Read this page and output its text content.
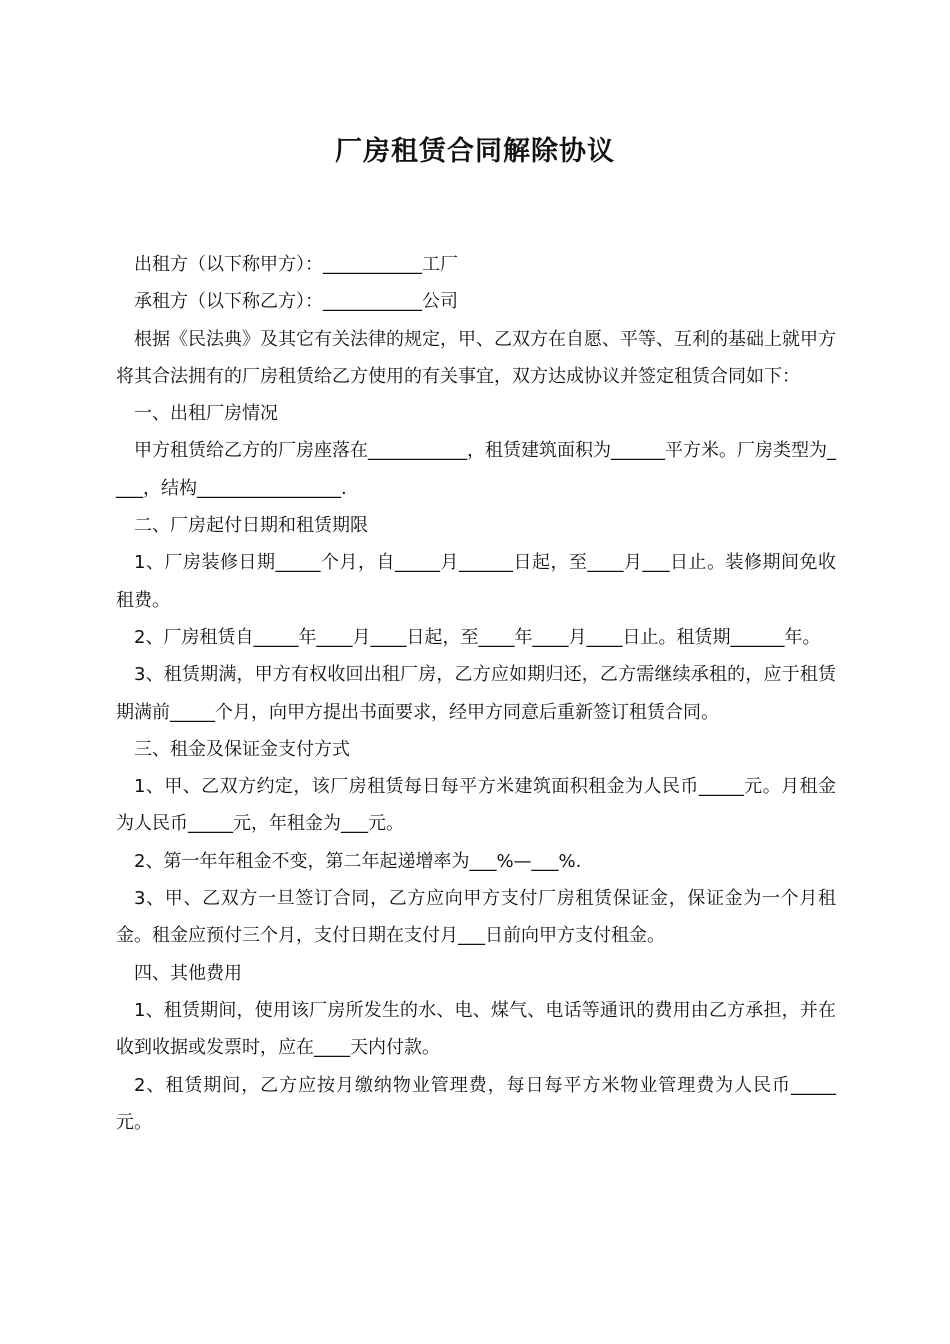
厂房租赁合同解除协议

出租方（以下称甲方）：___________工厂

承租方（以下称乙方）：___________公司

根据《民法典》及其它有关法律的规定，甲、乙双方在自愿、平等、互利的基础上就甲方将其合法拥有的厂房租赁给乙方使用的有关事宜，双方达成协议并签定租赁合同如下：

一、出租厂房情况

甲方租赁给乙方的厂房座落在___________，租赁建筑面积为______平方米。厂房类型为____，结构________________.

二、厂房起付日期和租赁期限

1、厂房装修日期_____个月，自_____月______日起，至____月___日止。装修期间免收租费。

2、厂房租赁自_____年____月____日起，至____年____月____日止。租赁期______年。

3、租赁期满，甲方有权收回出租厂房，乙方应如期归还，乙方需继续承租的，应于租赁期满前_____个月，向甲方提出书面要求，经甲方同意后重新签订租赁合同。

三、租金及保证金支付方式

1、甲、乙双方约定，该厂房租赁每日每平方米建筑面积租金为人民币_____元。月租金为人民币_____元，年租金为___元。

2、第一年年租金不变，第二年起递增率为___%—___%.

3、甲、乙双方一旦签订合同，乙方应向甲方支付厂房租赁保证金，保证金为一个月租金。租金应预付三个月，支付日期在支付月___日前向甲方支付租金。

四、其他费用

1、租赁期间，使用该厂房所发生的水、电、煤气、电话等通讯的费用由乙方承担，并在收到收据或发票时，应在____天内付款。

2、租赁期间，乙方应按月缴纳物业管理费，每日每平方米物业管理费为人民币_____元。
